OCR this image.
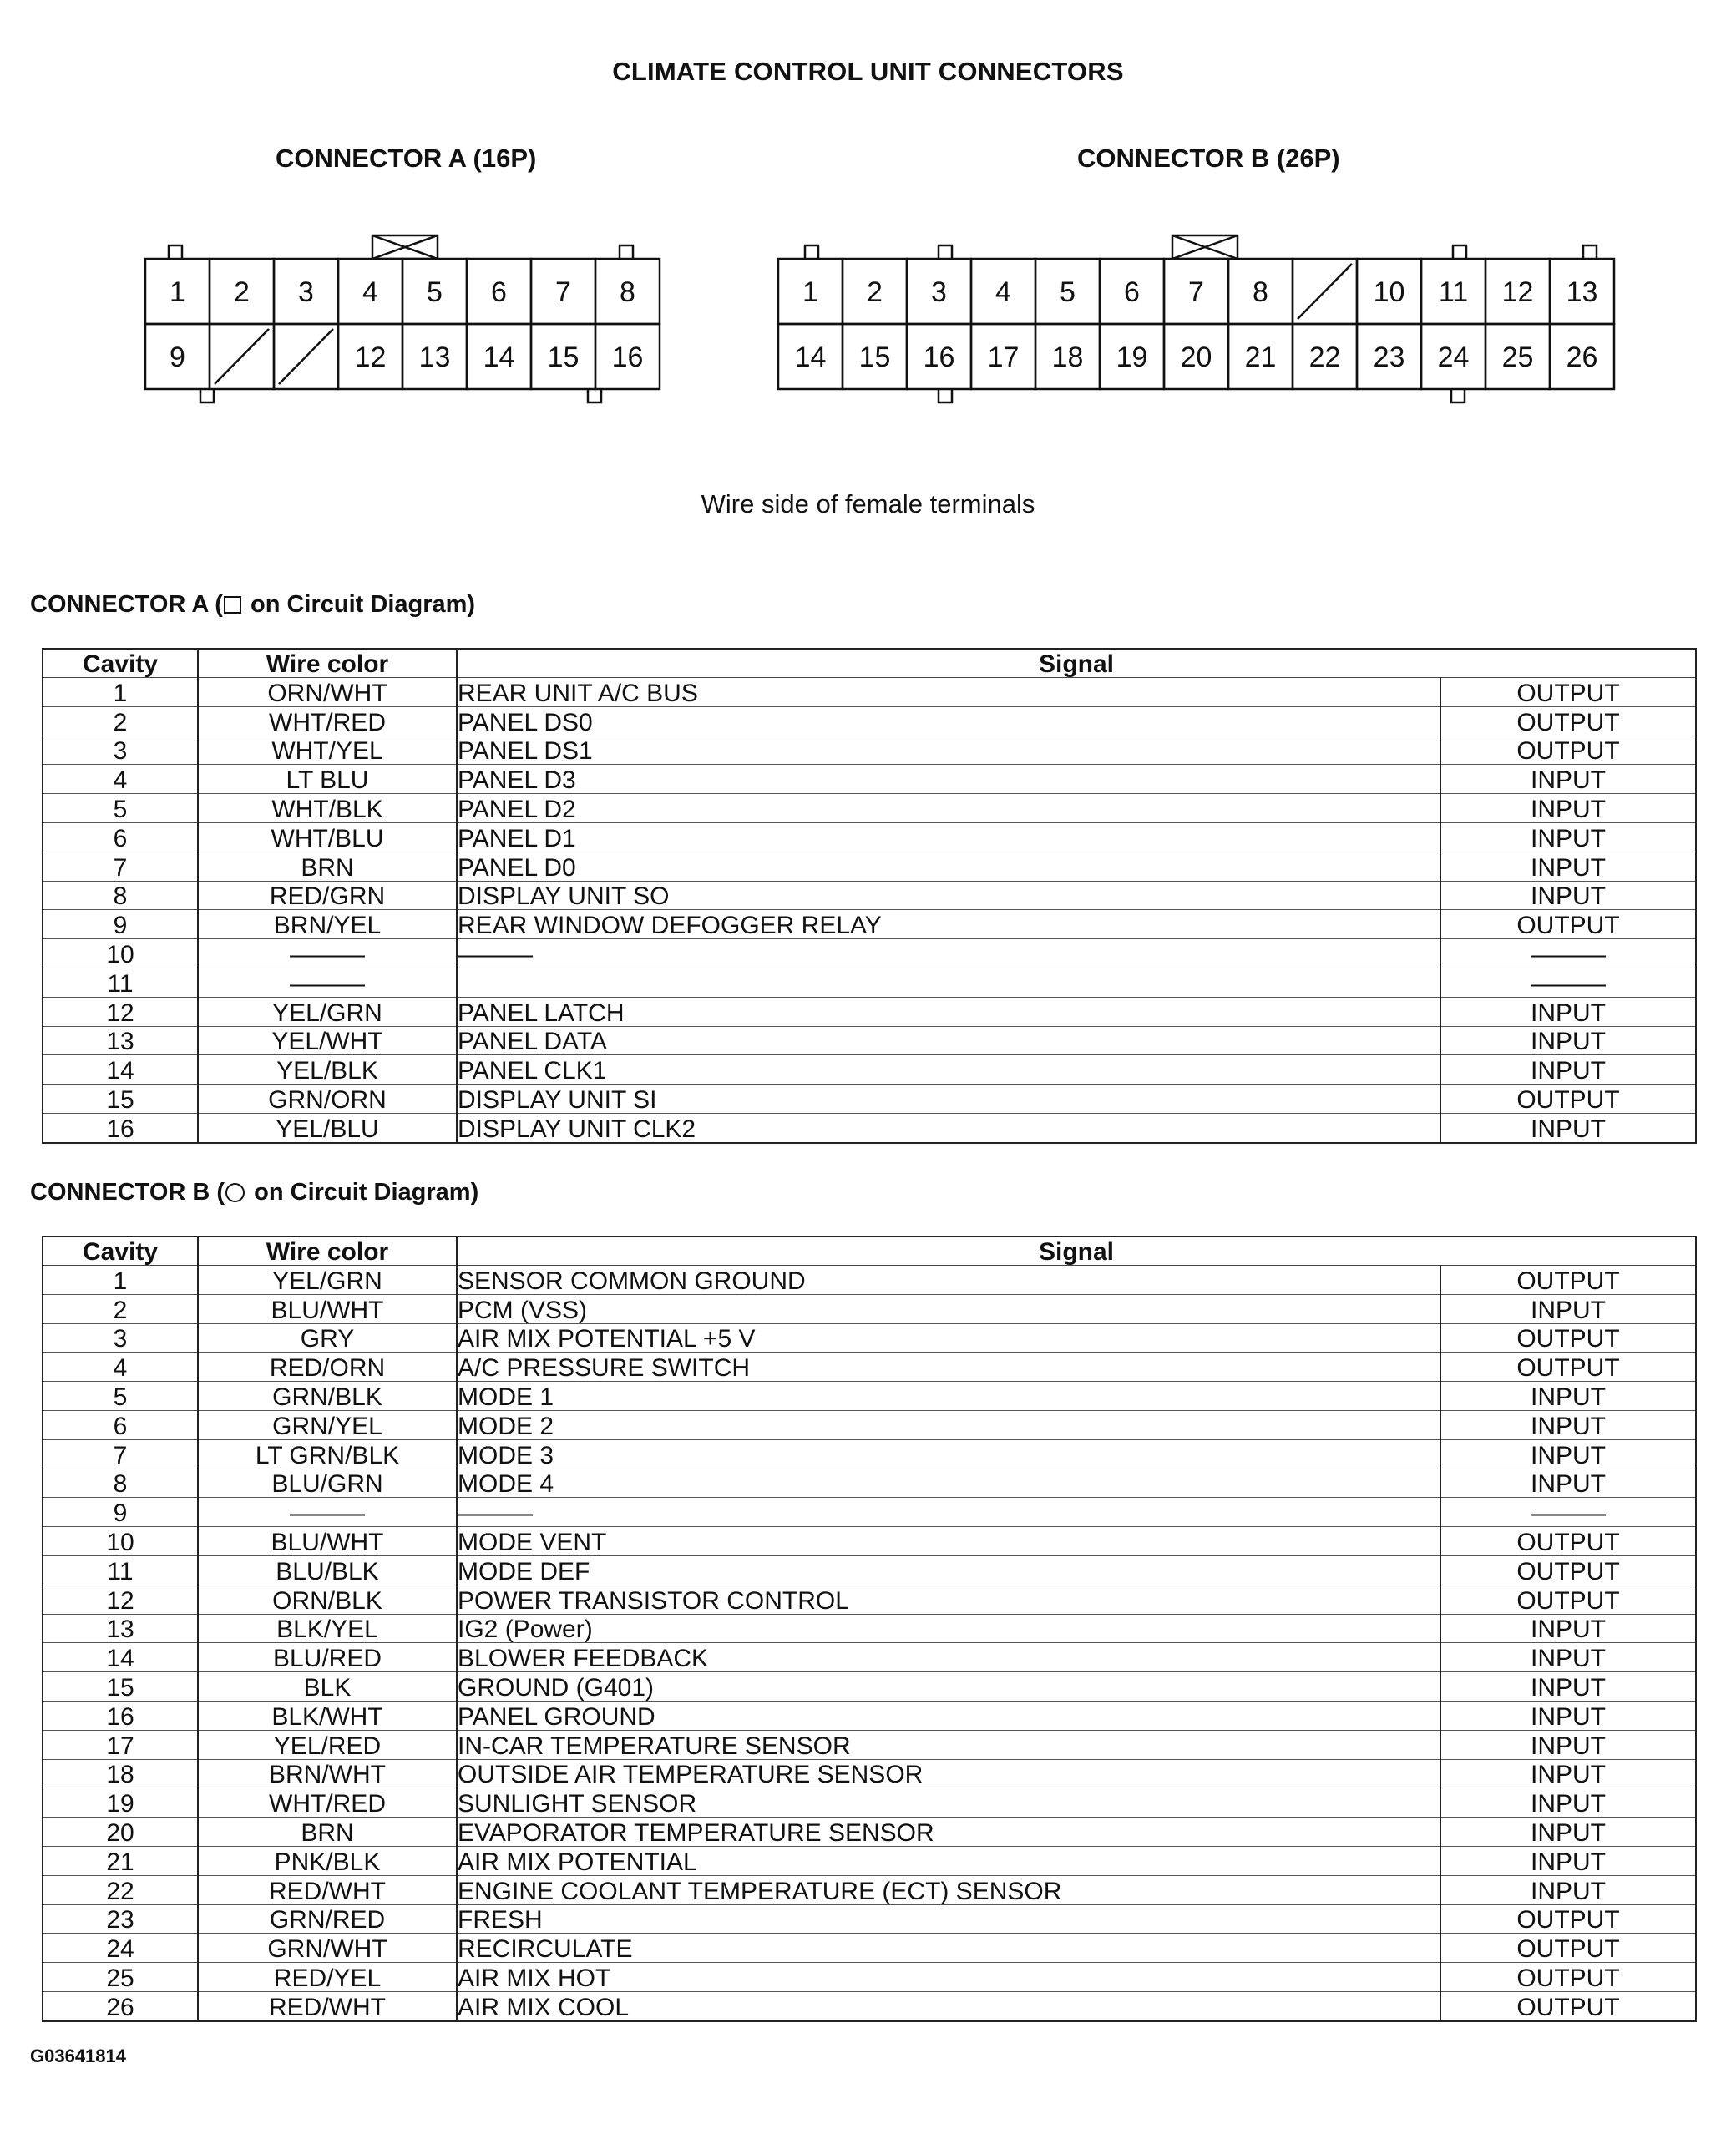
CLIMATE CONTROL UNIT CONNECTORS
CONNECTOR A (16P)	CONNECTOR B (26P)
1 2 3 4 5 6 7 8
9	12 13 14 15 16
1 2 3 4 5 6 7 8	10 11 12 13
14 15 16 17 18 19 20 21 22 23 24 25 26
Wire side of female terminals
CONNECTOR A ( on Circuit Diagram)
Cavity	Wire color	Signal	
1	ORN/WHT	REAR UNIT A/C BUS	OUTPUT
2	WHT/RED	PANEL DS0	OUTPUT
3	WHT/YEL	PANEL DS1	OUTPUT
4	LT BLU	PANEL D3	INPUT
5	WHT/BLK	PANEL D2	INPUT
6	WHT/BLU	PANEL D1	INPUT
7	BRN	PANEL D0	INPUT
8	RED/GRN	DISPLAY UNIT SO	INPUT
9	BRN/YEL	REAR WINDOW DEFOGGER RELAY	OUTPUT
10	———	———	———
11	———		———
12	YEL/GRN	PANEL LATCH	INPUT
13	YEL/WHT	PANEL DATA	INPUT
14	YEL/BLK	PANEL CLK1	INPUT
15	GRN/ORN	DISPLAY UNIT SI	OUTPUT
16	YEL/BLU	DISPLAY UNIT CLK2	INPUT
CONNECTOR B ( on Circuit Diagram)
Cavity	Wire color	Signal	
1	YEL/GRN	SENSOR COMMON GROUND	OUTPUT
2	BLU/WHT	PCM (VSS)	INPUT
3	GRY	AIR MIX POTENTIAL +5 V	OUTPUT
4	RED/ORN	A/C PRESSURE SWITCH	OUTPUT
5	GRN/BLK	MODE 1	INPUT
6	GRN/YEL	MODE 2	INPUT
7	LT GRN/BLK	MODE 3	INPUT
8	BLU/GRN	MODE 4	INPUT
9	———	———	———
10	BLU/WHT	MODE VENT	OUTPUT
11	BLU/BLK	MODE DEF	OUTPUT
12	ORN/BLK	POWER TRANSISTOR CONTROL	OUTPUT
13	BLK/YEL	IG2 (Power)	INPUT
14	BLU/RED	BLOWER FEEDBACK	INPUT
15	BLK	GROUND (G401)	INPUT
16	BLK/WHT	PANEL GROUND	INPUT
17	YEL/RED	IN-CAR TEMPERATURE SENSOR	INPUT
18	BRN/WHT	OUTSIDE AIR TEMPERATURE SENSOR	INPUT
19	WHT/RED	SUNLIGHT SENSOR	INPUT
20	BRN	EVAPORATOR TEMPERATURE SENSOR	INPUT
21	PNK/BLK	AIR MIX POTENTIAL	INPUT
22	RED/WHT	ENGINE COOLANT TEMPERATURE (ECT) SENSOR	INPUT
23	GRN/RED	FRESH	OUTPUT
24	GRN/WHT	RECIRCULATE	OUTPUT
25	RED/YEL	AIR MIX HOT	OUTPUT
26	RED/WHT	AIR MIX COOL	OUTPUT
G03641814
